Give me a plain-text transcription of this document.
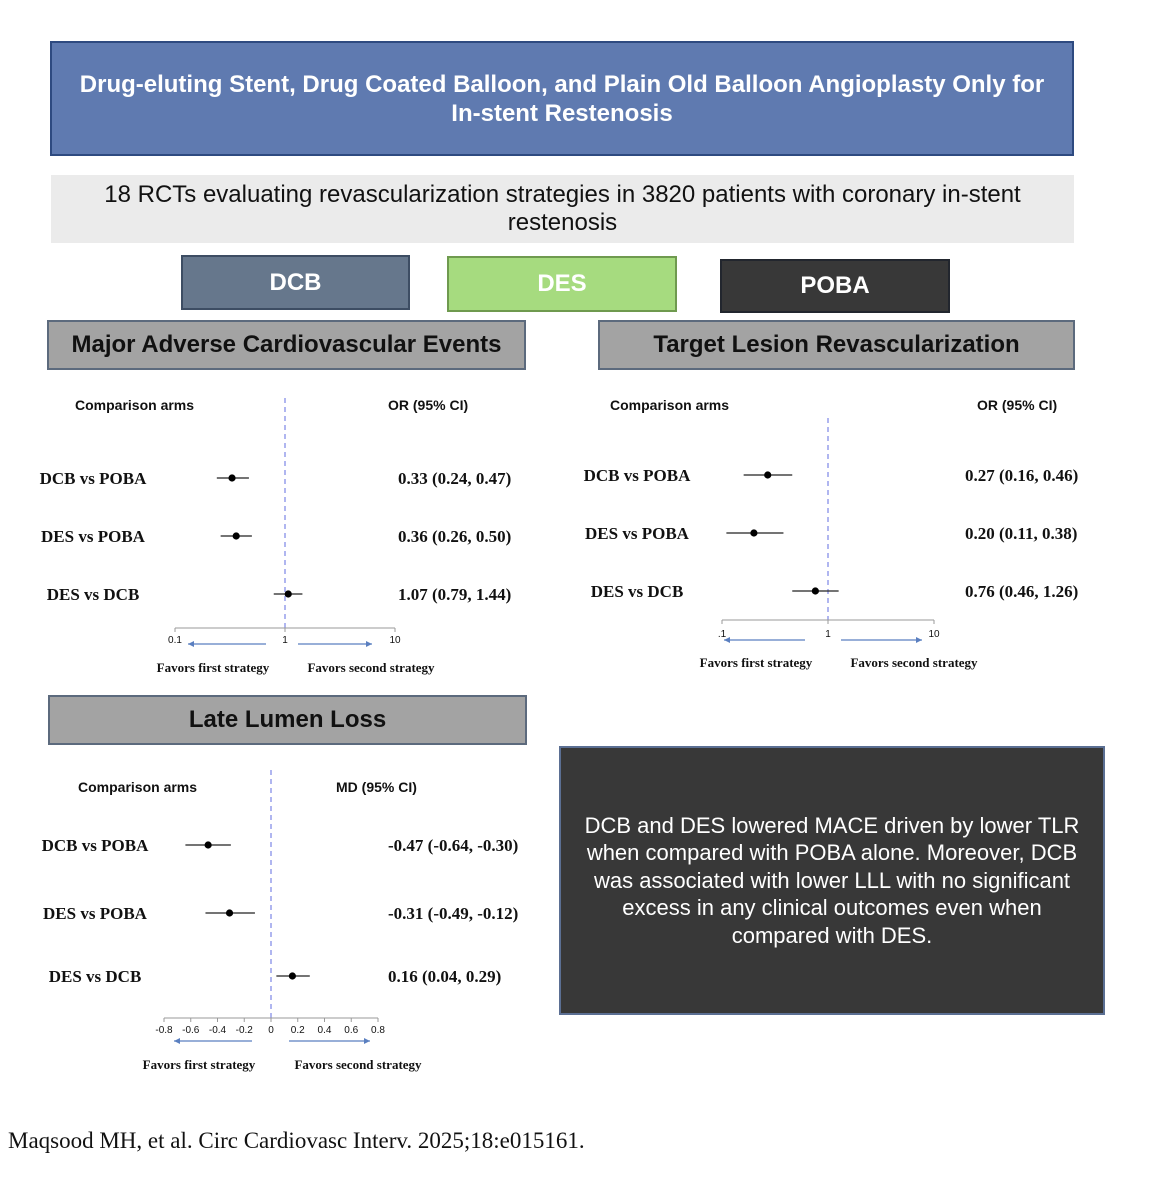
Drug-eluting Stent, Drug Coated Balloon, and Plain Old Balloon Angioplasty Only for In-stent Restenosis
18 RCTs evaluating revascularization strategies in 3820 patients with coronary in-stent restenosis
DCB	DES	POBA
Major Adverse Cardiovascular Events	Target Lesion Revascularization
Late Lumen Loss
Comparison arms	OR (95% CI)
0.1	1	10
DCB vs POBA	0.33 (0.24, 0.47)
DES vs POBA	0.36 (0.26, 0.50)
DES vs DCB	1.07 (0.79, 1.44)
Favors first strategy	Favors second strategy
Comparison arms	OR (95% CI)
.1	1	10
DCB vs POBA	0.27 (0.16, 0.46)
DES vs POBA	0.20 (0.11, 0.38)
DES vs DCB	0.76 (0.46, 1.26)
Favors first strategy	Favors second strategy
Comparison arms	MD (95% CI)
-0.8 -0.6 -0.4 -0.2 0 0.2 0.4 0.6 0.8
DCB vs POBA	-0.47 (-0.64, -0.30)
DES vs POBA	-0.31 (-0.49, -0.12)
DES vs DCB	0.16 (0.04, 0.29)
Favors first strategy	Favors second strategy
DCB and DES lowered MACE driven by lower TLR when compared with POBA alone. Moreover, DCB was associated with lower LLL with no significant excess in any clinical outcomes even when compared with DES.
Maqsood MH, et al. Circ Cardiovasc Interv. 2025;18:e015161.
